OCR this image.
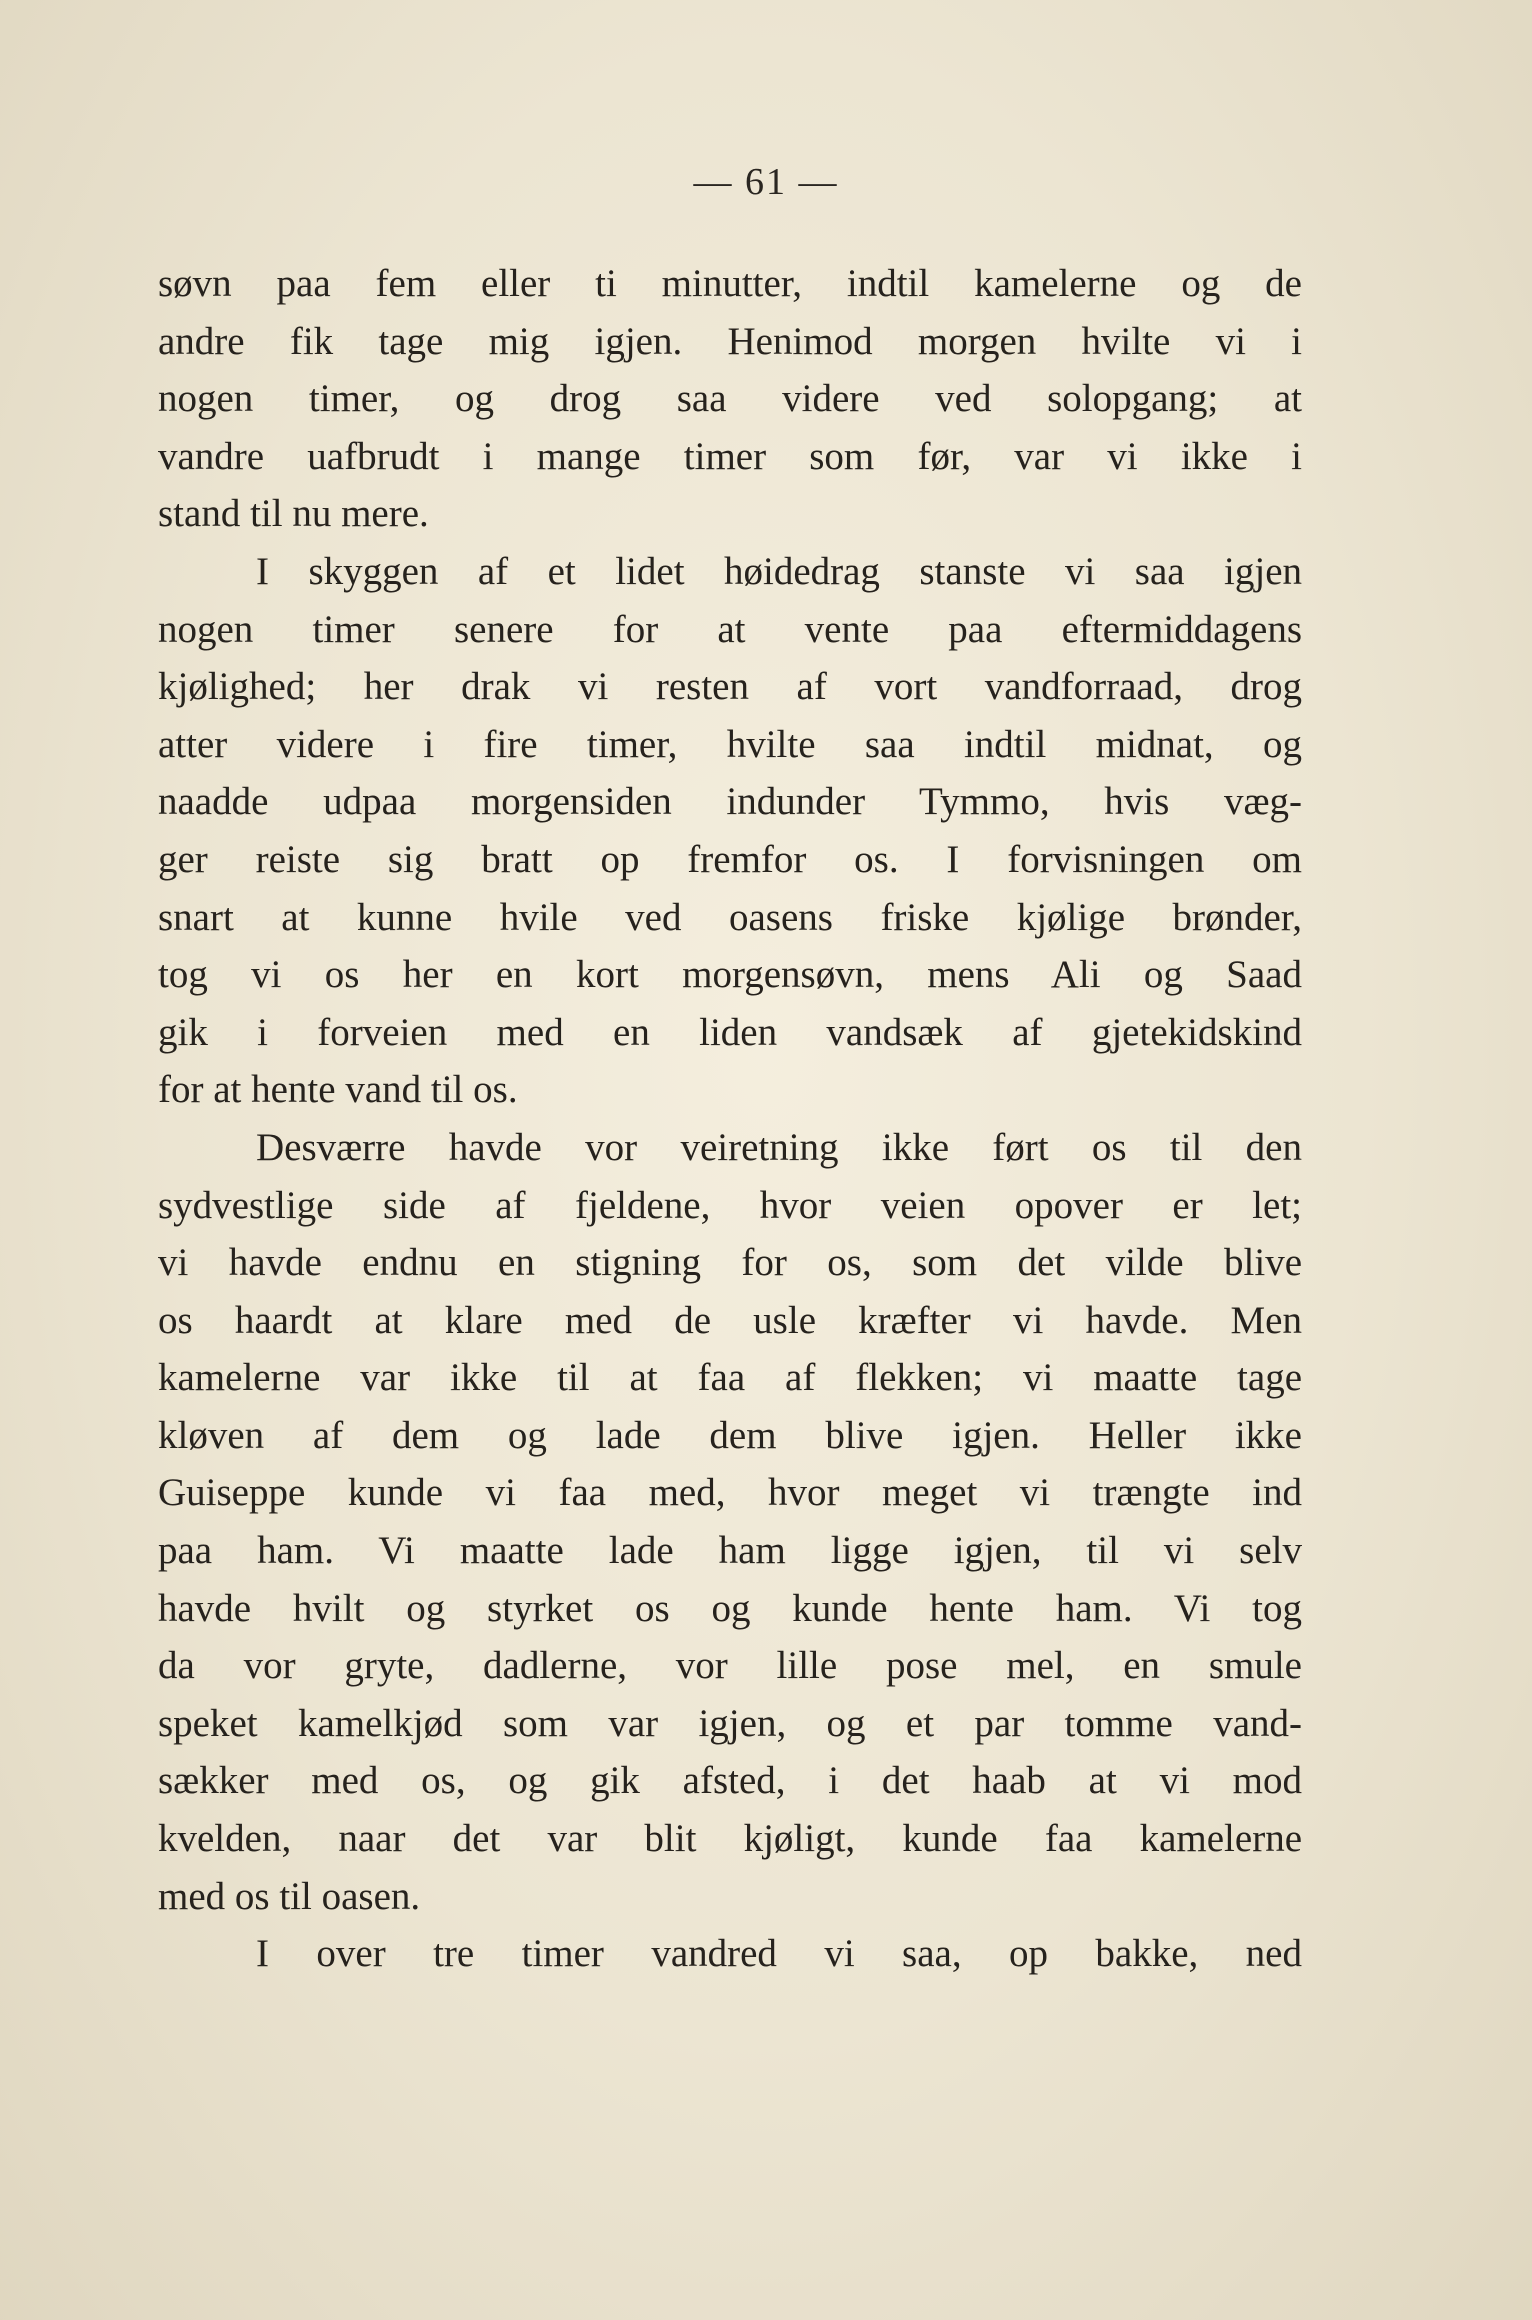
— 61 —
søvn paa fem eller ti minutter, indtil kamelerne og de
andre fik tage mig igjen. Henimod morgen hvilte vi i
nogen timer, og drog saa videre ved solopgang; at
vandre uafbrudt i mange timer som før, var vi ikke i
stand til nu mere.
I skyggen af et lidet høidedrag stanste vi saa igjen
nogen timer senere for at vente paa eftermiddagens
kjølighed; her drak vi resten af vort vandforraad, drog
atter videre i fire timer, hvilte saa indtil midnat, og
naadde udpaa morgensiden indunder Tymmo, hvis væg-
ger reiste sig bratt op fremfor os. I forvisningen om
snart at kunne hvile ved oasens friske kjølige brønder,
tog vi os her en kort morgensøvn, mens Ali og Saad
gik i forveien med en liden vandsæk af gjetekidskind
for at hente vand til os.
Desværre havde vor veiretning ikke ført os til den
sydvestlige side af fjeldene, hvor veien opover er let;
vi havde endnu en stigning for os, som det vilde blive
os haardt at klare med de usle kræfter vi havde. Men
kamelerne var ikke til at faa af flekken; vi maatte tage
kløven af dem og lade dem blive igjen. Heller ikke
Guiseppe kunde vi faa med, hvor meget vi trængte ind
paa ham. Vi maatte lade ham ligge igjen, til vi selv
havde hvilt og styrket os og kunde hente ham. Vi tog
da vor gryte, dadlerne, vor lille pose mel, en smule
speket kamelkjød som var igjen, og et par tomme vand-
sækker med os, og gik afsted, i det haab at vi mod
kvelden, naar det var blit kjøligt, kunde faa kamelerne
med os til oasen.
I over tre timer vandred vi saa, op bakke, ned
